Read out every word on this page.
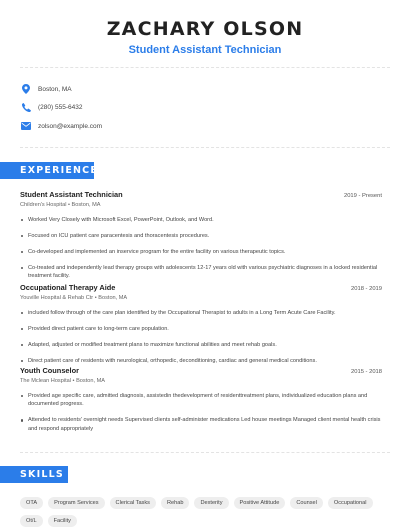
ZACHARY OLSON
Student Assistant Technician
Boston, MA
(280) 555-6432
zolson@example.com
EXPERIENCE
Student Assistant Technician	2019 - Present
Children's Hospital • Boston, MA
Worked Very Closely with Microsoft Excel, PowerPoint, Outlook, and Word.
Focused on ICU patient care paracentesis and thoracentesis procedures.
Co-developed and implemented an inservice program for the entire facility on various therapeutic topics.
Co-treated and independently lead therapy groups with adolescents 12-17 years old with various psychiatric diagnoses in a locked residential treatment facility.
Occupational Therapy Aide	2018 - 2019
Youville Hospital & Rehab Ctr • Boston, MA
included follow through of the care plan identified by the Occupational Therapist to adults in a Long Term Acute Care Facility.
Provided direct patient care to long-term care population.
Adapted, adjusted or modified treatment plans to maximize functional abilities and meet rehab goals.
Direct patient care of residents with neurological, orthopedic, deconditioning, cardiac and general medical conditions.
Youth Counselor	2015 - 2018
The Mclean Hospital • Boston, MA
Provided age specific care, admitted diagnosis, assistedin thedevelopment of residenttreatment plans, individualized education plans and documented progress.
Attended to residents' overnight needs Supervised clients self-administer medications Led house meetings Managed client mental health crisis and respond appropriately
SKILLS
OTA	Program Services	Clerical Tasks	Rehab	Dexterity	Positive Attitude	Counsel	Occupational
Ot/L	Facility
